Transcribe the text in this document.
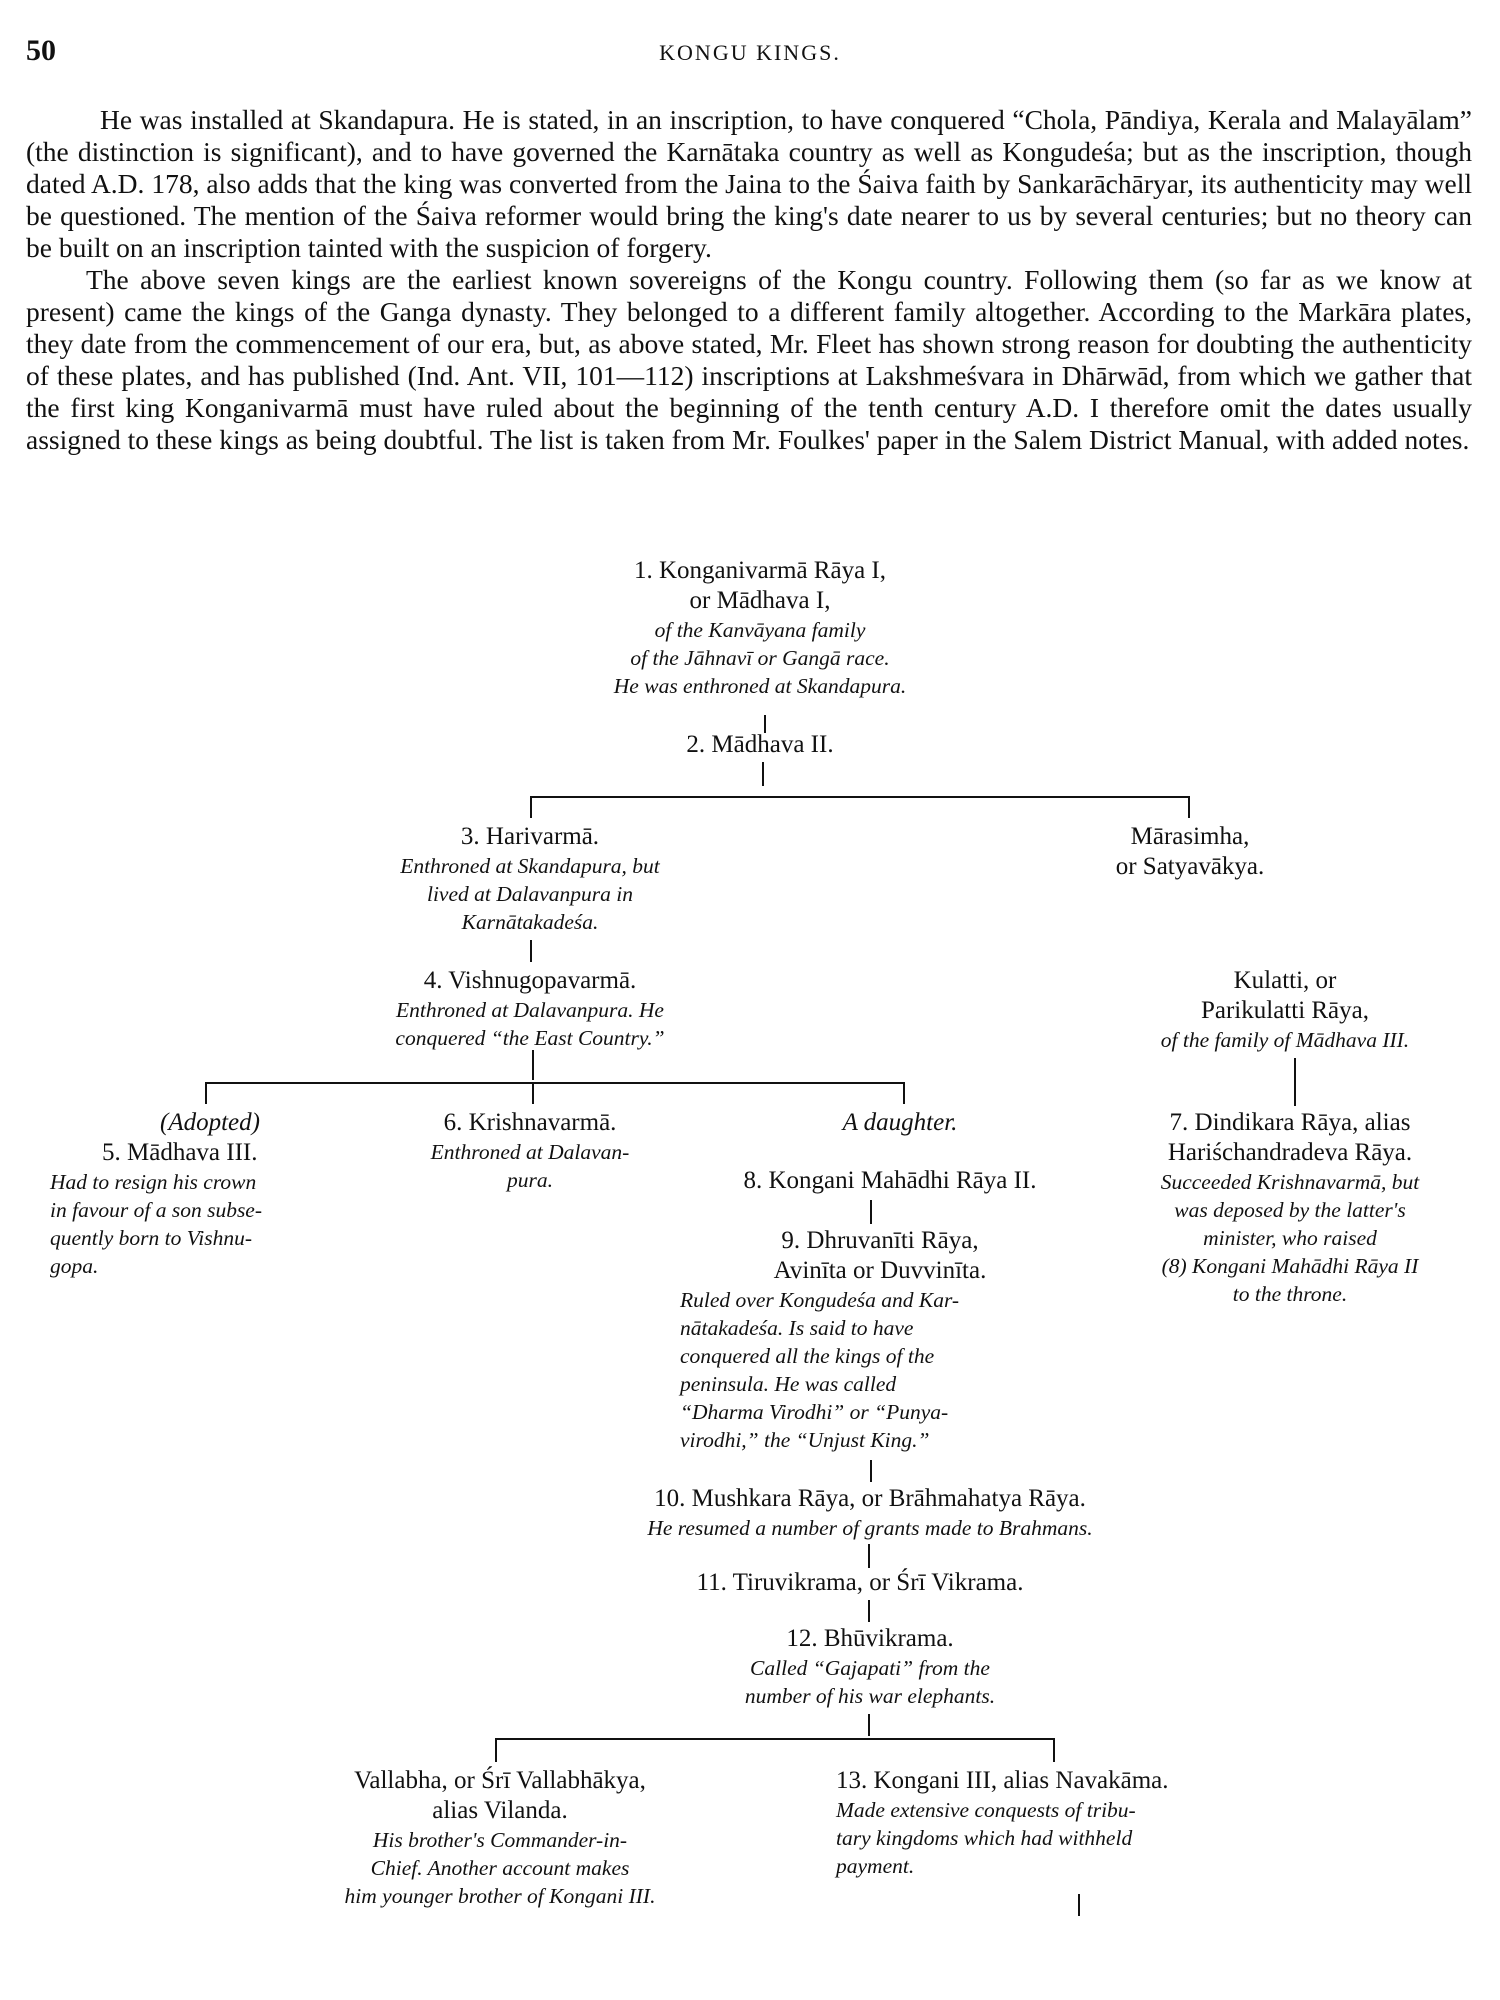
50	KONGU KINGS.

He was installed at Skandapura. He is stated, in an inscription, to have conquered “Chola, Pāndiya, Kerala and Malayālam” (the distinction is significant), and to have governed the Karnātaka country as well as Kongudeśa; but as the inscription, though dated A.D. 178, also adds that the king was converted from the Jaina to the Śaiva faith by Sankarāchāryar, its authenticity may well be questioned. The mention of the Śaiva reformer would bring the king's date nearer to us by several centuries; but no theory can be built on an inscription tainted with the suspicion of forgery.

The above seven kings are the earliest known sovereigns of the Kongu country. Following them (so far as we know at present) came the kings of the Ganga dynasty. They belonged to a different family altogether. According to the Markāra plates, they date from the commencement of our era, but, as above stated, Mr. Fleet has shown strong reason for doubting the authenticity of these plates, and has published (Ind. Ant. VII, 101—112) inscriptions at Lakshmeśvara in Dhārwād, from which we gather that the first king Konganivarmā must have ruled about the beginning of the tenth century A.D. I therefore omit the dates usually assigned to these kings as being doubtful. The list is taken from Mr. Foulkes' paper in the Salem District Manual, with added notes.

1. Konganivarmā Rāya I,
or Mādhava I,
of the Kanvāyana family
of the Jāhnavī or Gangā race.
He was enthroned at Skandapura.
2. Mādhava II.
3. Harivarmā.
Enthroned at Skandapura, but
lived at Dalavanpura in
Karnātakadeśa.
Mārasimha,
or Satyavākya.
4. Vishnugopavarmā.
Enthroned at Dalavanpura. He
conquered “the East Country.”
Kulatti, or
Parikulatti Rāya,
of the family of Mādhava III.
(Adopted)
5. Mādhava III.
Had to resign his crown
in favour of a son subse-
quently born to Vishnu-
gopa.
6. Krishnavarmā.
Enthroned at Dalavan-
pura.
A daughter.
8. Kongani Mahādhi Rāya II.
7. Dindikara Rāya, alias
Hariśchandradeva Rāya.
Succeeded Krishnavarmā, but
was deposed by the latter's
minister, who raised
(8) Kongani Mahādhi Rāya II
to the throne.
9. Dhruvanīti Rāya,
Avinīta or Duvvinīta.
Ruled over Kongudeśa and Kar-
nātakadeśa. Is said to have
conquered all the kings of the
peninsula. He was called
“Dharma Virodhi” or “Punya-
virodhi,” the “Unjust King.”
10. Mushkara Rāya, or Brāhmahatya Rāya.
He resumed a number of grants made to Brahmans.
11. Tiruvikrama, or Śrī Vikrama.
12. Bhūvikrama.
Called “Gajapati” from the
number of his war elephants.
Vallabha, or Śrī Vallabhākya,
alias Vilanda.
His brother's Commander-in-
Chief. Another account makes
him younger brother of Kongani III.
13. Kongani III, alias Navakāma.
Made extensive conquests of tribu-
tary kingdoms which had withheld
payment.
